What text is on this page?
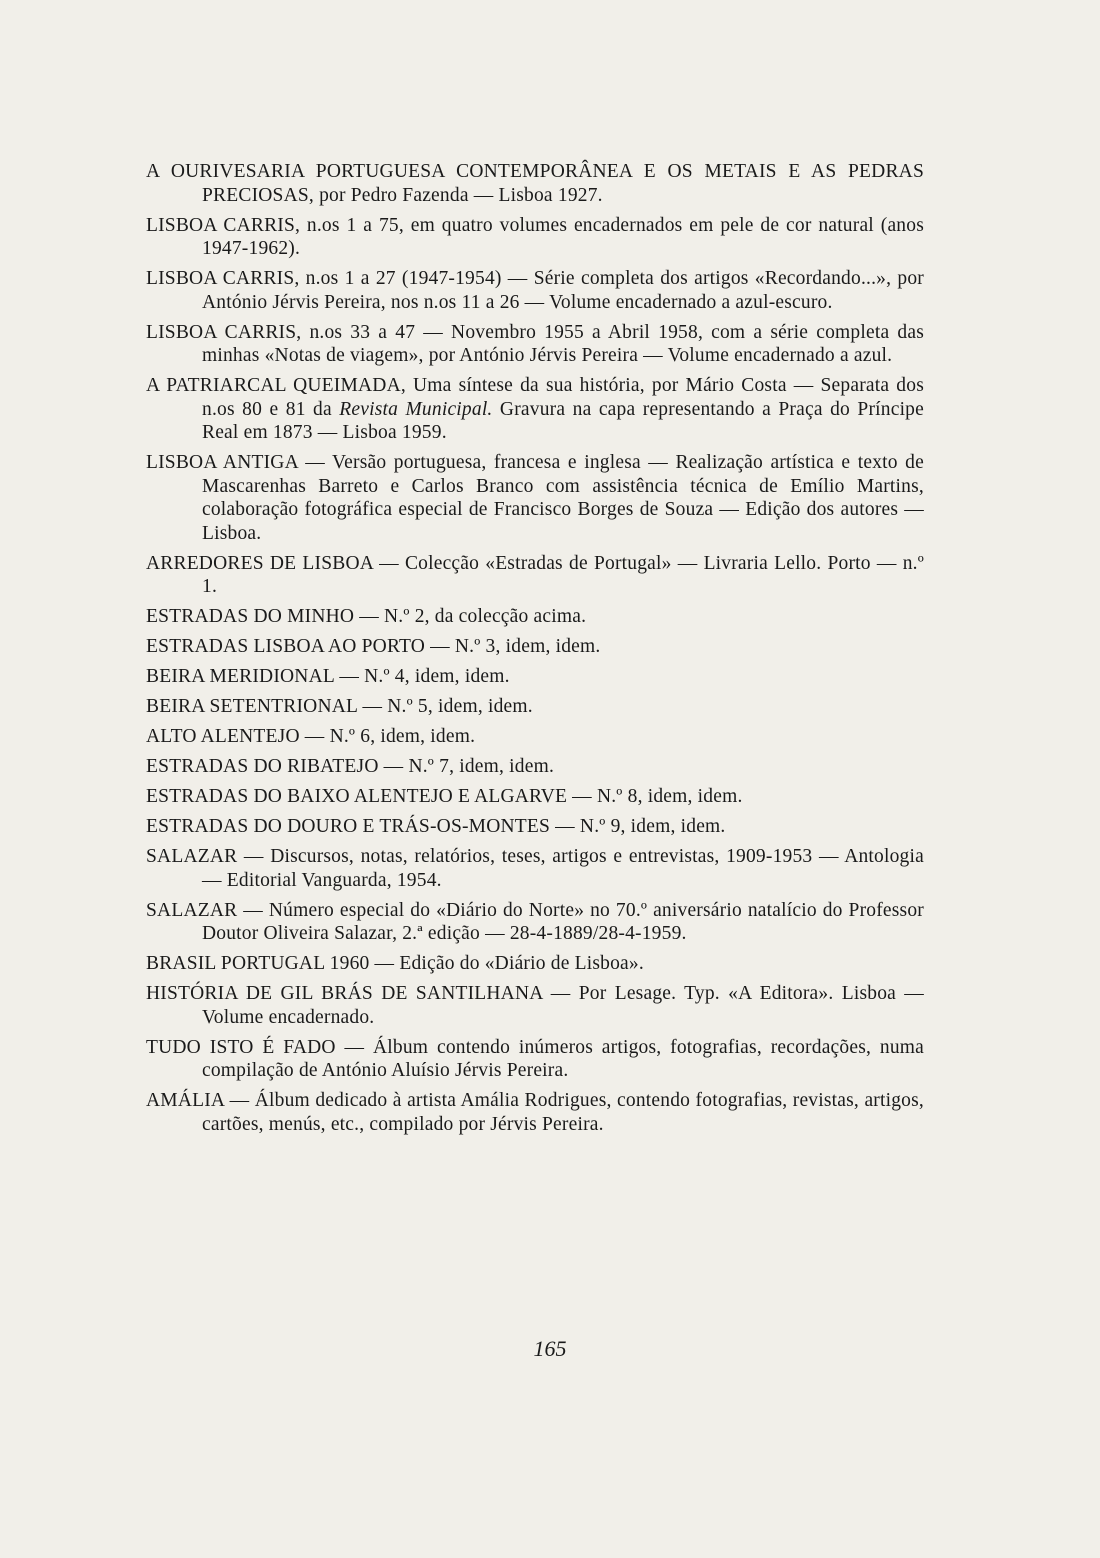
A OURIVESARIA PORTUGUESA CONTEMPORÂNEA E OS METAIS E AS PEDRAS PRECIOSAS, por Pedro Fazenda — Lisboa 1927.

LISBOA CARRIS, n.os 1 a 75, em quatro volumes encadernados em pele de cor natural (anos 1947-1962).

LISBOA CARRIS, n.os 1 a 27 (1947-1954) — Série completa dos artigos «Recordando...», por António Jérvis Pereira, nos n.os 11 a 26 — Volume encadernado a azul-escuro.

LISBOA CARRIS, n.os 33 a 47 — Novembro 1955 a Abril 1958, com a série completa das minhas «Notas de viagem», por António Jérvis Pereira — Volume encadernado a azul.

A PATRIARCAL QUEIMADA, Uma síntese da sua história, por Mário Costa — Separata dos n.os 80 e 81 da Revista Municipal. Gravura na capa representando a Praça do Príncipe Real em 1873 — Lisboa 1959.

LISBOA ANTIGA — Versão portuguesa, francesa e inglesa — Realização artística e texto de Mascarenhas Barreto e Carlos Branco com assistência técnica de Emílio Martins, colaboração fotográfica especial de Francisco Borges de Souza — Edição dos autores — Lisboa.

ARREDORES DE LISBOA — Colecção «Estradas de Portugal» — Livraria Lello. Porto — n.º 1.

ESTRADAS DO MINHO — N.º 2, da colecção acima.

ESTRADAS LISBOA AO PORTO — N.º 3, idem, idem.

BEIRA MERIDIONAL — N.º 4, idem, idem.

BEIRA SETENTRIONAL — N.º 5, idem, idem.

ALTO ALENTEJO — N.º 6, idem, idem.

ESTRADAS DO RIBATEJO — N.º 7, idem, idem.

ESTRADAS DO BAIXO ALENTEJO E ALGARVE — N.º 8, idem, idem.

ESTRADAS DO DOURO E TRÁS-OS-MONTES — N.º 9, idem, idem.

SALAZAR — Discursos, notas, relatórios, teses, artigos e entrevistas, 1909-1953 — Antologia — Editorial Vanguarda, 1954.

SALAZAR — Número especial do «Diário do Norte» no 70.º aniversário natalício do Professor Doutor Oliveira Salazar, 2.ª edição — 28-4-1889/28-4-1959.

BRASIL PORTUGAL 1960 — Edição do «Diário de Lisboa».

HISTÓRIA DE GIL BRÁS DE SANTILHANA — Por Lesage. Typ. «A Editora». Lisboa — Volume encadernado.

TUDO ISTO É FADO — Álbum contendo inúmeros artigos, fotografias, recordações, numa compilação de António Aluísio Jérvis Pereira.

AMÁLIA — Álbum dedicado à artista Amália Rodrigues, contendo fotografias, revistas, artigos, cartões, menús, etc., compilado por Jérvis Pereira.

165
